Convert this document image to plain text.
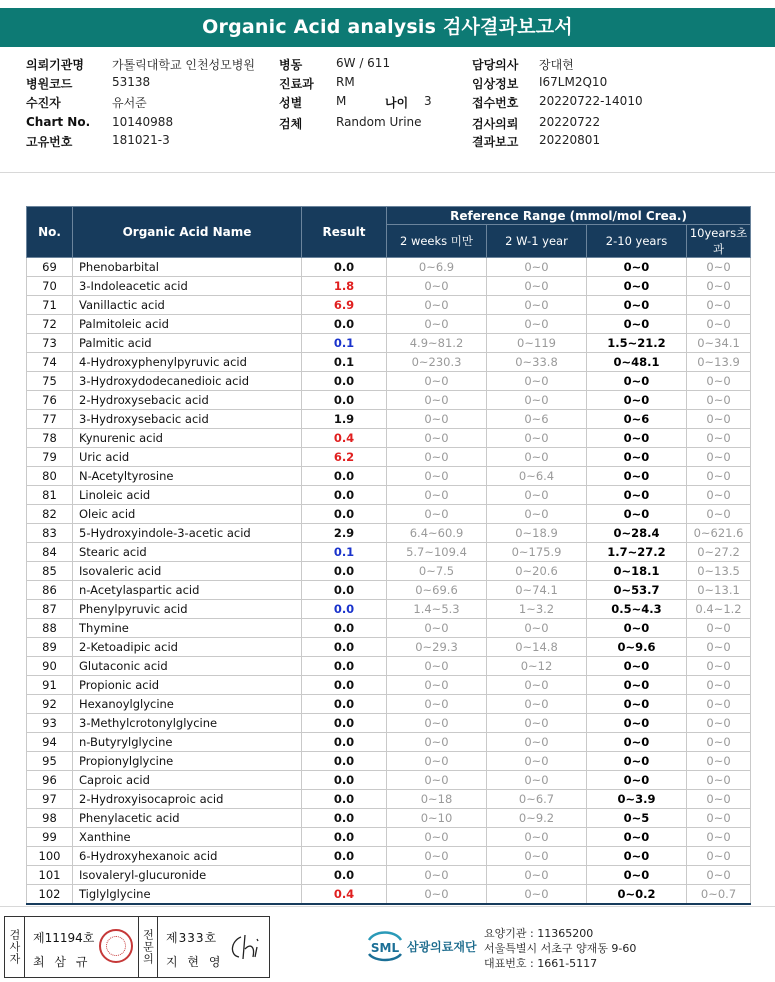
Organic Acid analysis 검사결과보고서
의뢰기관명 가톨릭대학교 인천성모병원 병동	6W / 611	담당의사 장대현
병원코드	53138	진료과 RM	임상정보 I67LM2Q10
수진자	유서준	성별	M	나이 3	접수번호 20220722-14010
Chart No. 10140988	검체	Random Urine	검사의뢰 20220722
고유번호	181021-3	결과보고 20220801
No.	Organic Acid Name	Result	Reference Range (mmol/mol Crea.)			
			2 weeks 미만	2 W-1 year	2-10 years	10years초과
69	Phenobarbital	0.0	0~6.9	0~0	0~0	0~0
70	3-Indoleacetic acid	1.8	0~0	0~0	0~0	0~0
71	Vanillactic acid	6.9	0~0	0~0	0~0	0~0
72	Palmitoleic acid	0.0	0~0	0~0	0~0	0~0
73	Palmitic acid	0.1	4.9~81.2	0~119	1.5~21.2	0~34.1
74	4-Hydroxyphenylpyruvic acid	0.1	0~230.3	0~33.8	0~48.1	0~13.9
75	3-Hydroxydodecanedioic acid	0.0	0~0	0~0	0~0	0~0
76	2-Hydroxysebacic acid	0.0	0~0	0~0	0~0	0~0
77	3-Hydroxysebacic acid	1.9	0~0	0~6	0~6	0~0
78	Kynurenic acid	0.4	0~0	0~0	0~0	0~0
79	Uric acid	6.2	0~0	0~0	0~0	0~0
80	N-Acetyltyrosine	0.0	0~0	0~6.4	0~0	0~0
81	Linoleic acid	0.0	0~0	0~0	0~0	0~0
82	Oleic acid	0.0	0~0	0~0	0~0	0~0
83	5-Hydroxyindole-3-acetic acid	2.9	6.4~60.9	0~18.9	0~28.4	0~621.6
84	Stearic acid	0.1	5.7~109.4	0~175.9	1.7~27.2	0~27.2
85	Isovaleric acid	0.0	0~7.5	0~20.6	0~18.1	0~13.5
86	n-Acetylaspartic acid	0.0	0~69.6	0~74.1	0~53.7	0~13.1
87	Phenylpyruvic acid	0.0	1.4~5.3	1~3.2	0.5~4.3	0.4~1.2
88	Thymine	0.0	0~0	0~0	0~0	0~0
89	2-Ketoadipic acid	0.0	0~29.3	0~14.8	0~9.6	0~0
90	Glutaconic acid	0.0	0~0	0~12	0~0	0~0
91	Propionic acid	0.0	0~0	0~0	0~0	0~0
92	Hexanoylglycine	0.0	0~0	0~0	0~0	0~0
93	3-Methylcrotonylglycine	0.0	0~0	0~0	0~0	0~0
94	n-Butyrylglycine	0.0	0~0	0~0	0~0	0~0
95	Propionylglycine	0.0	0~0	0~0	0~0	0~0
96	Caproic acid	0.0	0~0	0~0	0~0	0~0
97	2-Hydroxyisocaproic acid	0.0	0~18	0~6.7	0~3.9	0~0
98	Phenylacetic acid	0.0	0~10	0~9.2	0~5	0~0
99	Xanthine	0.0	0~0	0~0	0~0	0~0
100	6-Hydroxyhexanoic acid	0.0	0~0	0~0	0~0	0~0
101	Isovaleryl-glucuronide	0.0	0~0	0~0	0~0	0~0
102	Tiglylglycine	0.4	0~0	0~0	0~0.2	0~0.7
검사자	제11194호
최 삼 규	전문의 제333호
지 현 영
SML 삼광의료재단
요양기관 : 11365200
서울특별시 서초구 양재동 9-60
대표번호 : 1661-5117
